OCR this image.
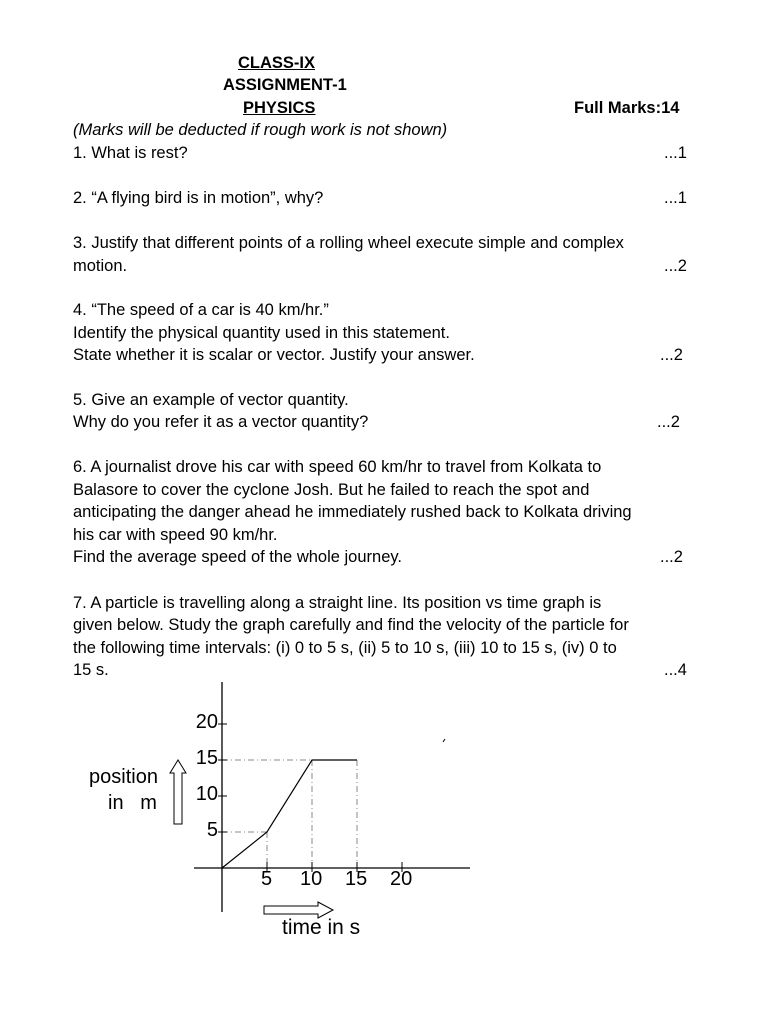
CLASS-IX
ASSIGNMENT-1
PHYSICS	Full Marks:14
(Marks will be deducted if rough work is not shown)
1. What is rest?	...1
2. “A flying bird is in motion”, why?	...1
3. Justify that different points of a rolling wheel execute simple and complex
motion.	...2
4. “The speed of a car is 40 km/hr.”
Identify the physical quantity used in this statement.
State whether it is scalar or vector. Justify your answer.	...2
5. Give an example of vector quantity.
Why do you refer it as a vector quantity?	...2
6. A journalist drove his car with speed 60 km/hr to travel from Kolkata to
Balasore to cover the cyclone Josh. But he failed to reach the spot and
anticipating the danger ahead he immediately rushed back to Kolkata driving
his car with speed 90 km/hr.
Find the average speed of the whole journey.	...2
7. A particle is travelling along a straight line. Its position vs time graph is
given below. Study the graph carefully and find the velocity of the particle for
the following time intervals: (i) 0 to 5 s, (ii) 5 to 10 s, (iii) 10 to 15 s, (iv) 0 to
15 s.	...4
5
10
15
20
5 10 15 20
position
in   m
time in s
